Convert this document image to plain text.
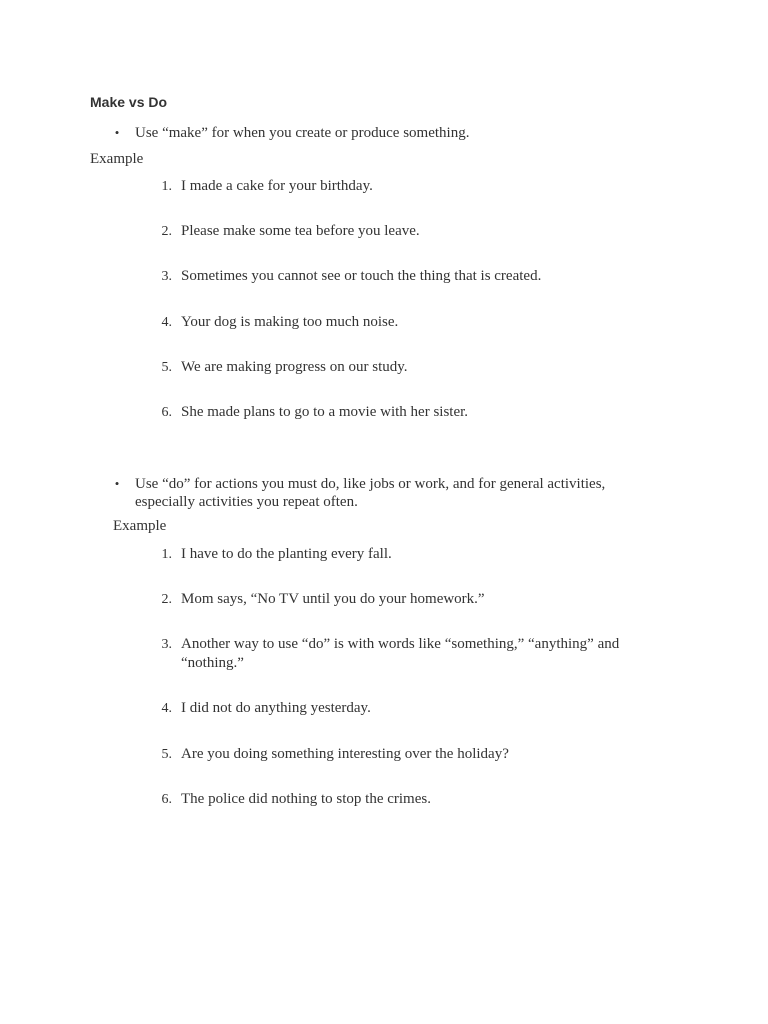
Make vs Do
•	Use “make” for when you create or produce something.
Example
1. I made a cake for your birthday.
2. Please make some tea before you leave.
3. Sometimes you cannot see or touch the thing that is created.
4. Your dog is making too much noise.
5. We are making progress on our study.
6. She made plans to go to a movie with her sister.
•	Use “do” for actions you must do, like jobs or work, and for general activities,
especially activities you repeat often.
Example
1. I have to do the planting every fall.
2. Mom says, “No TV until you do your homework.”
3. Another way to use “do” is with words like “something,” “anything” and
“nothing.”
4. I did not do anything yesterday.
5. Are you doing something interesting over the holiday?
6. The police did nothing to stop the crimes.
